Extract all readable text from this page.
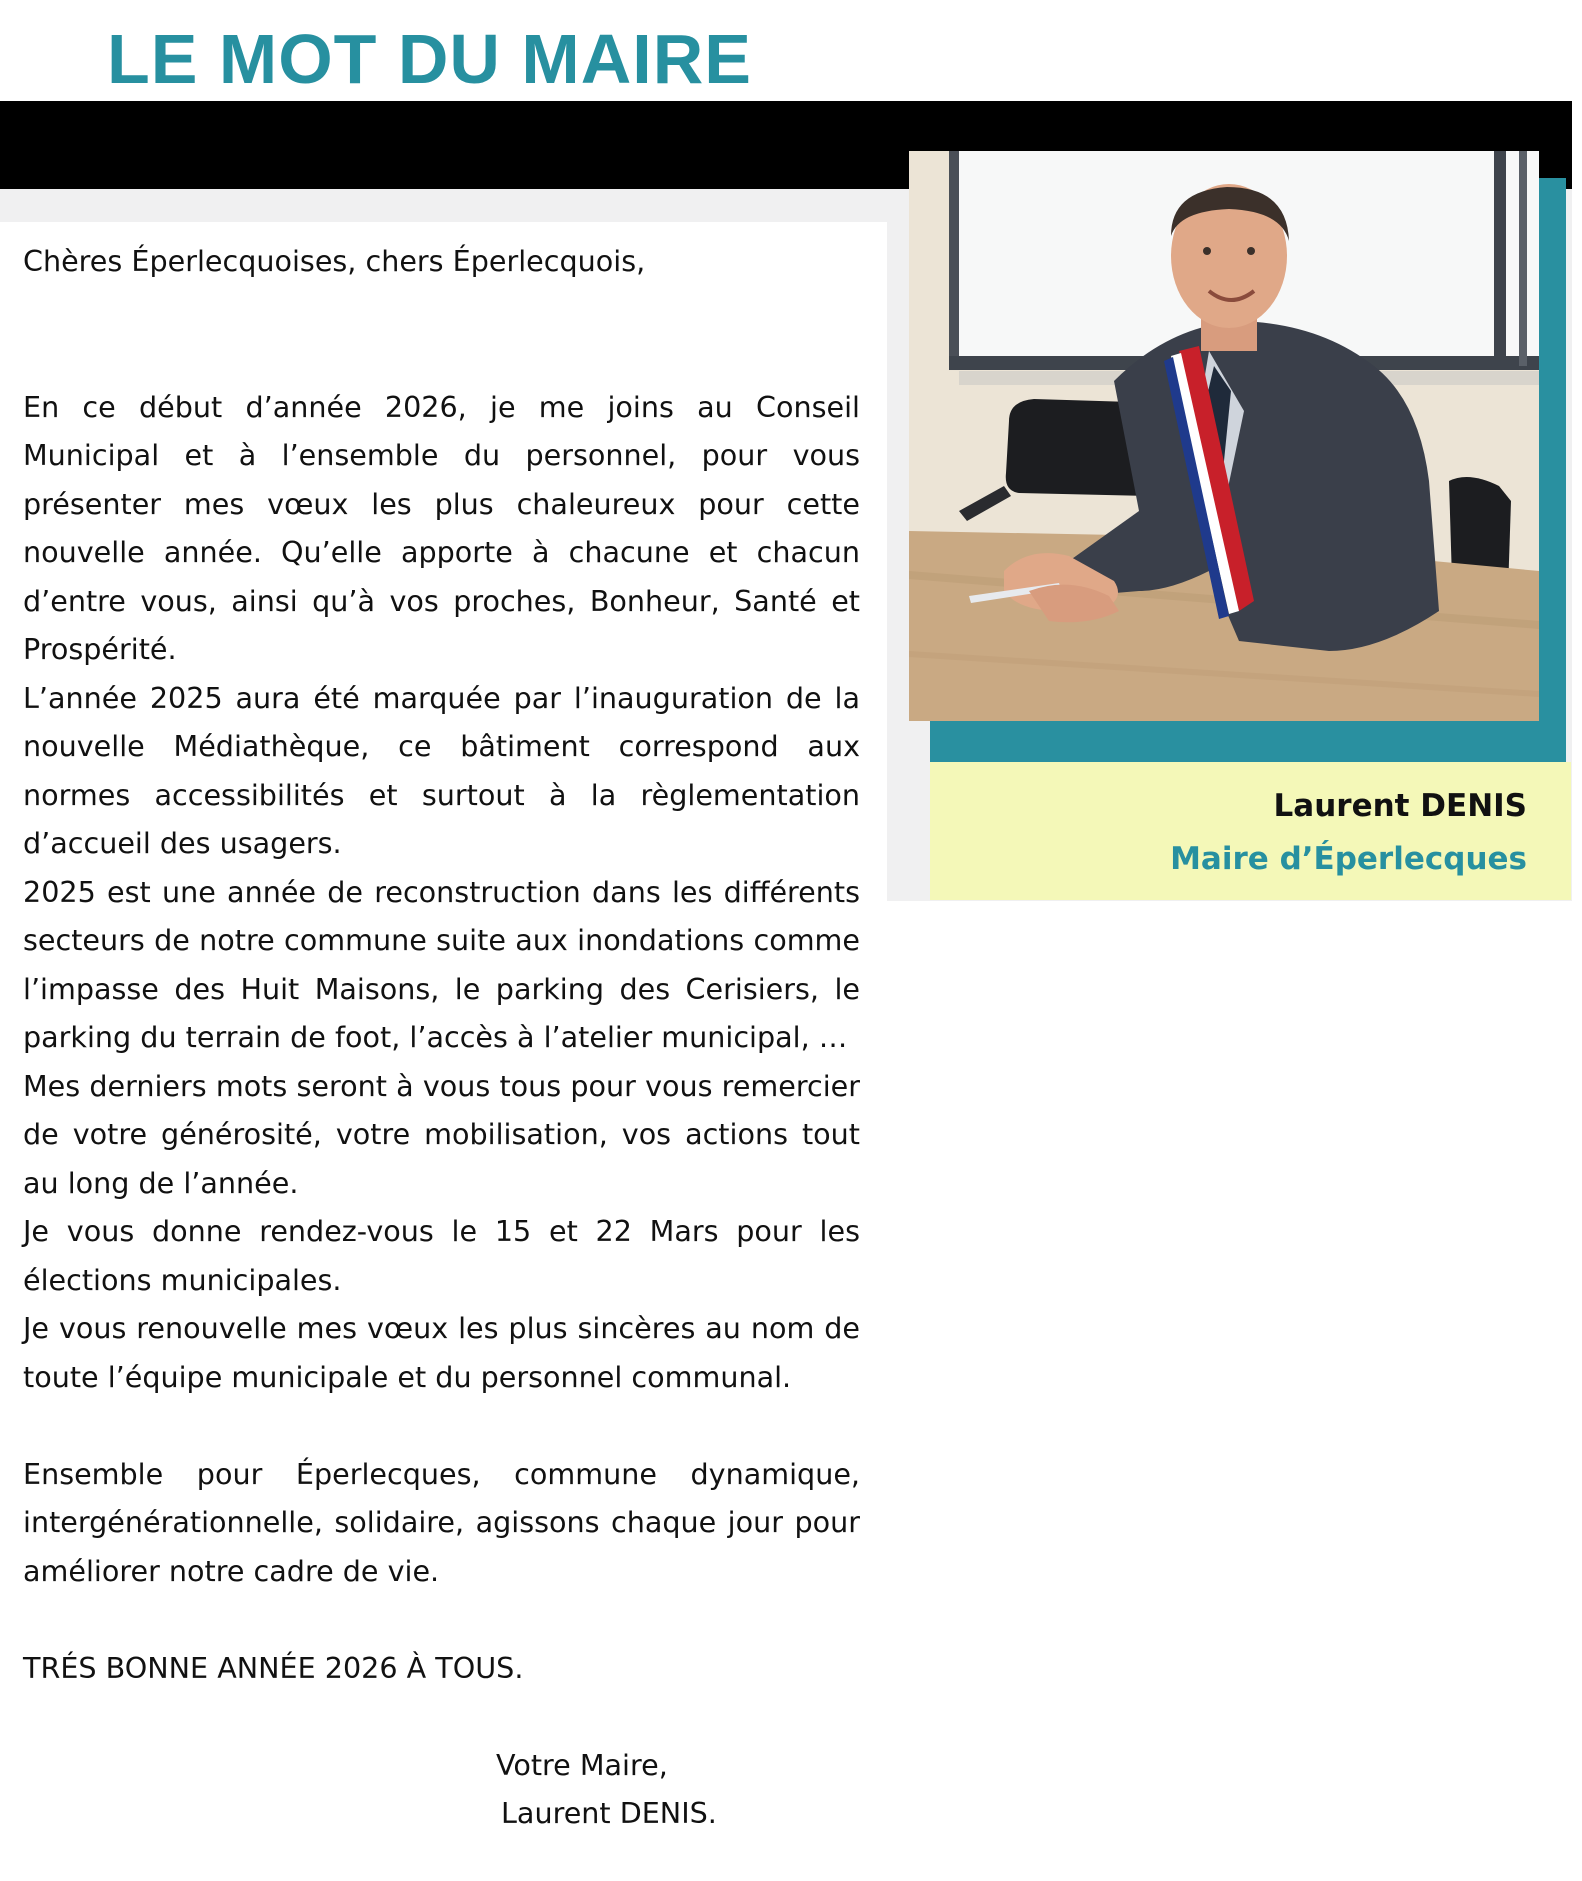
LE MOT DU MAIRE

Chères Éperlecquoises, chers Éperlecquois,

En ce début d’année 2026, je me joins au Conseil Municipal et à l’ensemble du personnel, pour vous présenter mes vœux les plus chaleureux pour cette nouvelle année. Qu’elle apporte à chacune et chacun d’entre vous, ainsi qu’à vos proches, Bonheur, Santé et Prospérité.

L’année 2025 aura été marquée par l’inauguration de la nouvelle Médiathèque, ce bâtiment correspond aux normes accessibilités et surtout à la règlementation d’accueil des usagers.

2025 est une année de reconstruction dans les différents secteurs de notre commune suite aux inondations comme l’impasse des Huit Maisons, le parking des Cerisiers, le parking du terrain de foot, l’accès à l’atelier municipal, …

Mes derniers mots seront à vous tous pour vous remercier de votre générosité, votre mobilisation, vos actions tout au long de l’année.

Je vous donne rendez-vous le 15 et 22 Mars pour les élections municipales.

Je vous renouvelle mes vœux les plus sincères au nom de toute l’équipe municipale et du personnel communal.

Ensemble pour Éperlecques, commune dynamique, intergénérationnelle, solidaire, agissons chaque jour pour améliorer notre cadre de vie.

TRÉS BONNE ANNÉE 2026 À TOUS.

Votre Maire,

Laurent DENIS.

Laurent DENIS
Maire d’Éperlecques
